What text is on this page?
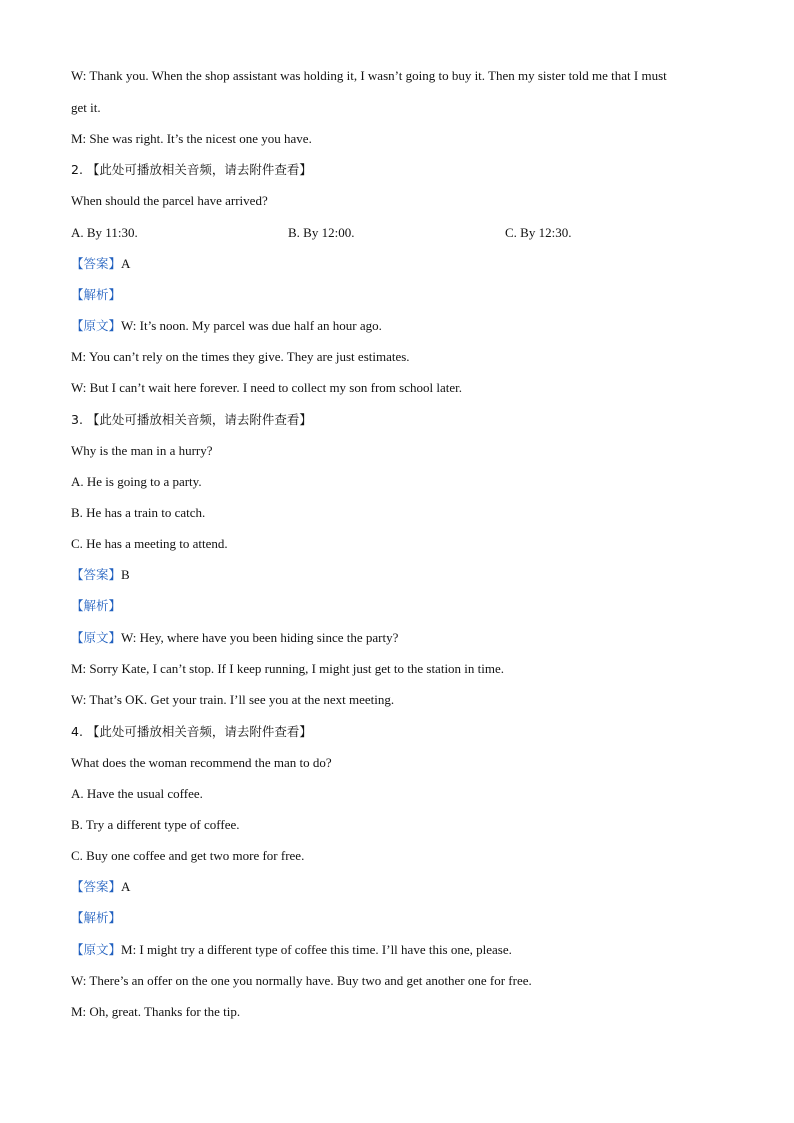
W: Thank you. When the shop assistant was holding it, I wasn’t going to buy it. Then my sister told me that I must

get it.

M: She was right. It’s the nicest one you have.

2. 【此处可播放相关音频，请去附件查看】

When should the parcel have arrived?

A. By 11:30.	B. By 12:00.	C. By 12:30.

【答案】A

【解析】

【原文】W: It’s noon. My parcel was due half an hour ago.

M: You can’t rely on the times they give. They are just estimates.

W: But I can’t wait here forever. I need to collect my son from school later.

3. 【此处可播放相关音频，请去附件查看】

Why is the man in a hurry?

A. He is going to a party.

B. He has a train to catch.

C. He has a meeting to attend.

【答案】B

【解析】

【原文】W: Hey, where have you been hiding since the party?

M: Sorry Kate, I can’t stop. If I keep running, I might just get to the station in time.

W: That’s OK. Get your train. I’ll see you at the next meeting.

4. 【此处可播放相关音频，请去附件查看】

What does the woman recommend the man to do?

A. Have the usual coffee.

B. Try a different type of coffee.

C. Buy one coffee and get two more for free.

【答案】A

【解析】

【原文】M: I might try a different type of coffee this time. I’ll have this one, please.

W: There’s an offer on the one you normally have. Buy two and get another one for free.

M: Oh, great. Thanks for the tip.
